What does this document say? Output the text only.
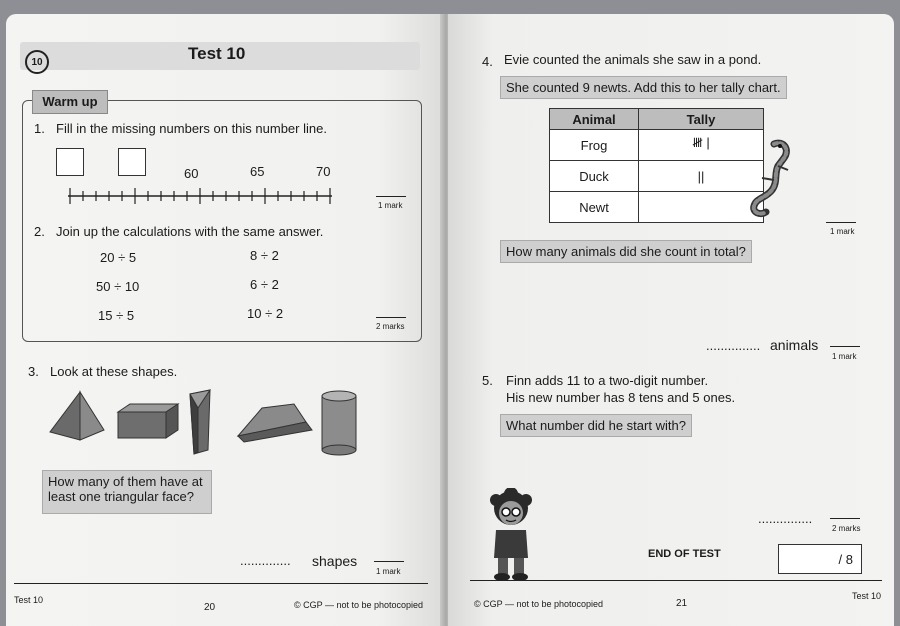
10	Test 10
Warm up
1. Fill in the missing numbers on this number line.
60	65	70
1 mark
2. Join up the calculations with the same answer.
20 ÷ 5
50 ÷ 10
15 ÷ 5
8 ÷ 2
6 ÷ 2
10 ÷ 2
2 marks
3. Look at these shapes.
How many of them have at
least one triangular face?
.............. shapes
1 mark
Test 10
20	© CGP — not to be photocopied
4. Evie counted the animals she saw in a pond.
She counted 9 newts. Add this to her tally chart.
Animal	Tally
Frog	𝍸 |
Duck	||
Newt	
1 mark
How many animals did she count in total?
............... animals
1 mark
5. Finn adds 11 to a two-digit number.
His new number has 8 tens and 5 ones.
What number did he start with?
...............
2 marks
END OF TEST	/ 8
© CGP — not to be photocopied	21
Test 10
